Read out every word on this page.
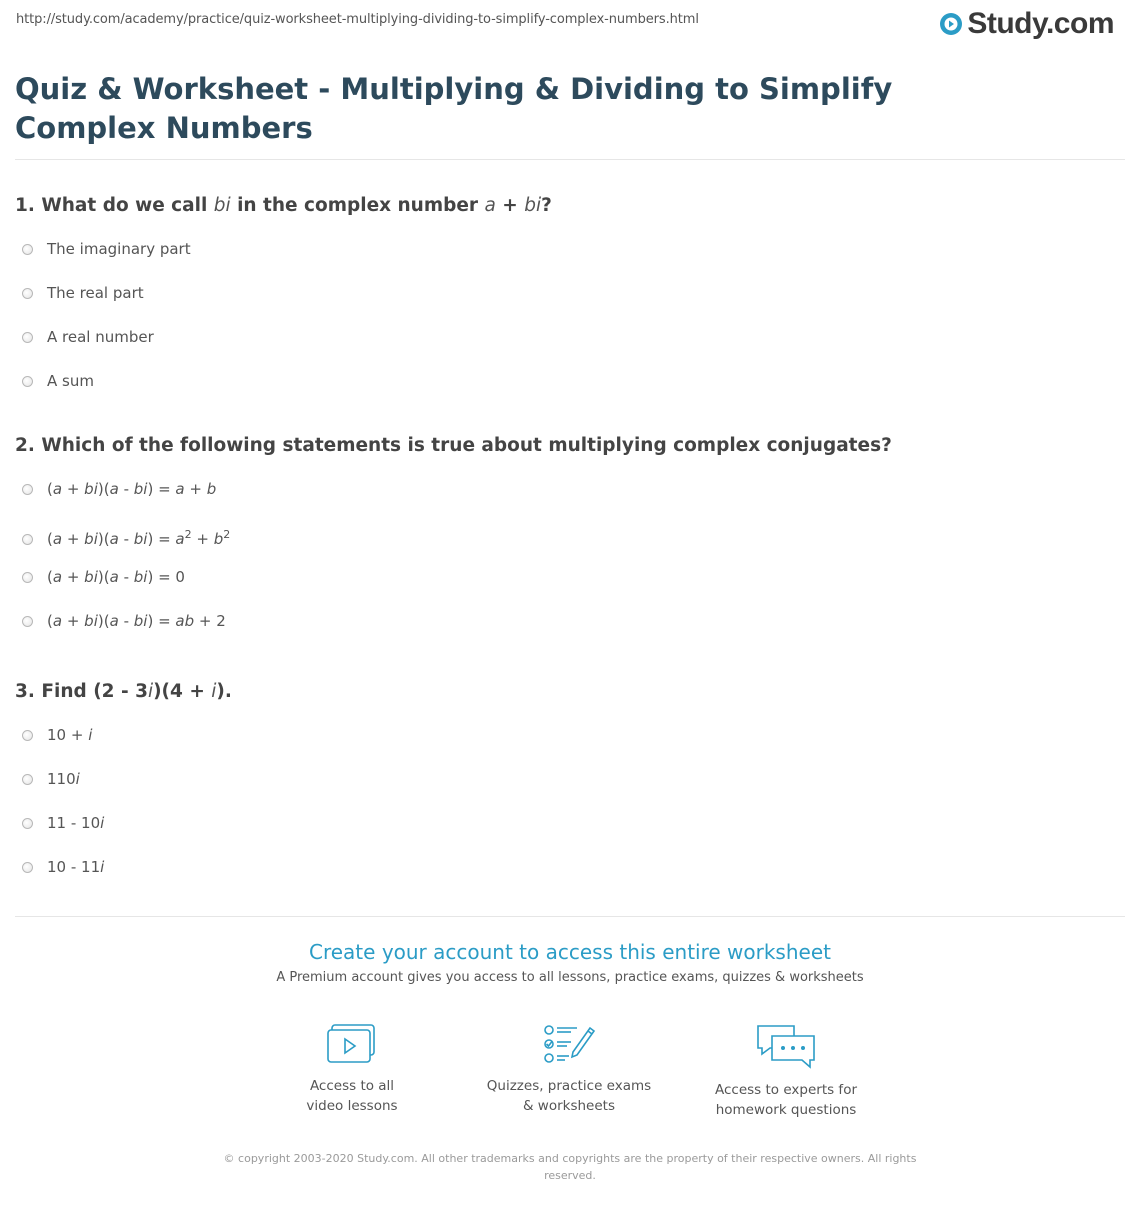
http://study.com/academy/practice/quiz-worksheet-multiplying-dividing-to-simplify-complex-numbers.html	Study.com
Quiz & Worksheet - Multiplying & Dividing to Simplify Complex Numbers
1. What do we call bi in the complex number a + bi?
The imaginary part
The real part
A real number
A sum
2. Which of the following statements is true about multiplying complex conjugates?
(a + bi)(a - bi) = a + b
$(a + bi)(a - bi) = a^2 + b^2$
(a + bi)(a - bi) = 0
(a + bi)(a - bi) = ab + 2
3. Find (2 - 3i)(4 + i).
10 + i
110i
11 - 10i
10 - 11i
Create your account to access this entire worksheet
A Premium account gives you access to all lessons, practice exams, quizzes & worksheets
Access to all
video lessons
Quizzes, practice exams
& worksheets
Access to experts for
homework questions
© copyright 2003-2020 Study.com. All other trademarks and copyrights are the property of their respective owners. All rights reserved.
